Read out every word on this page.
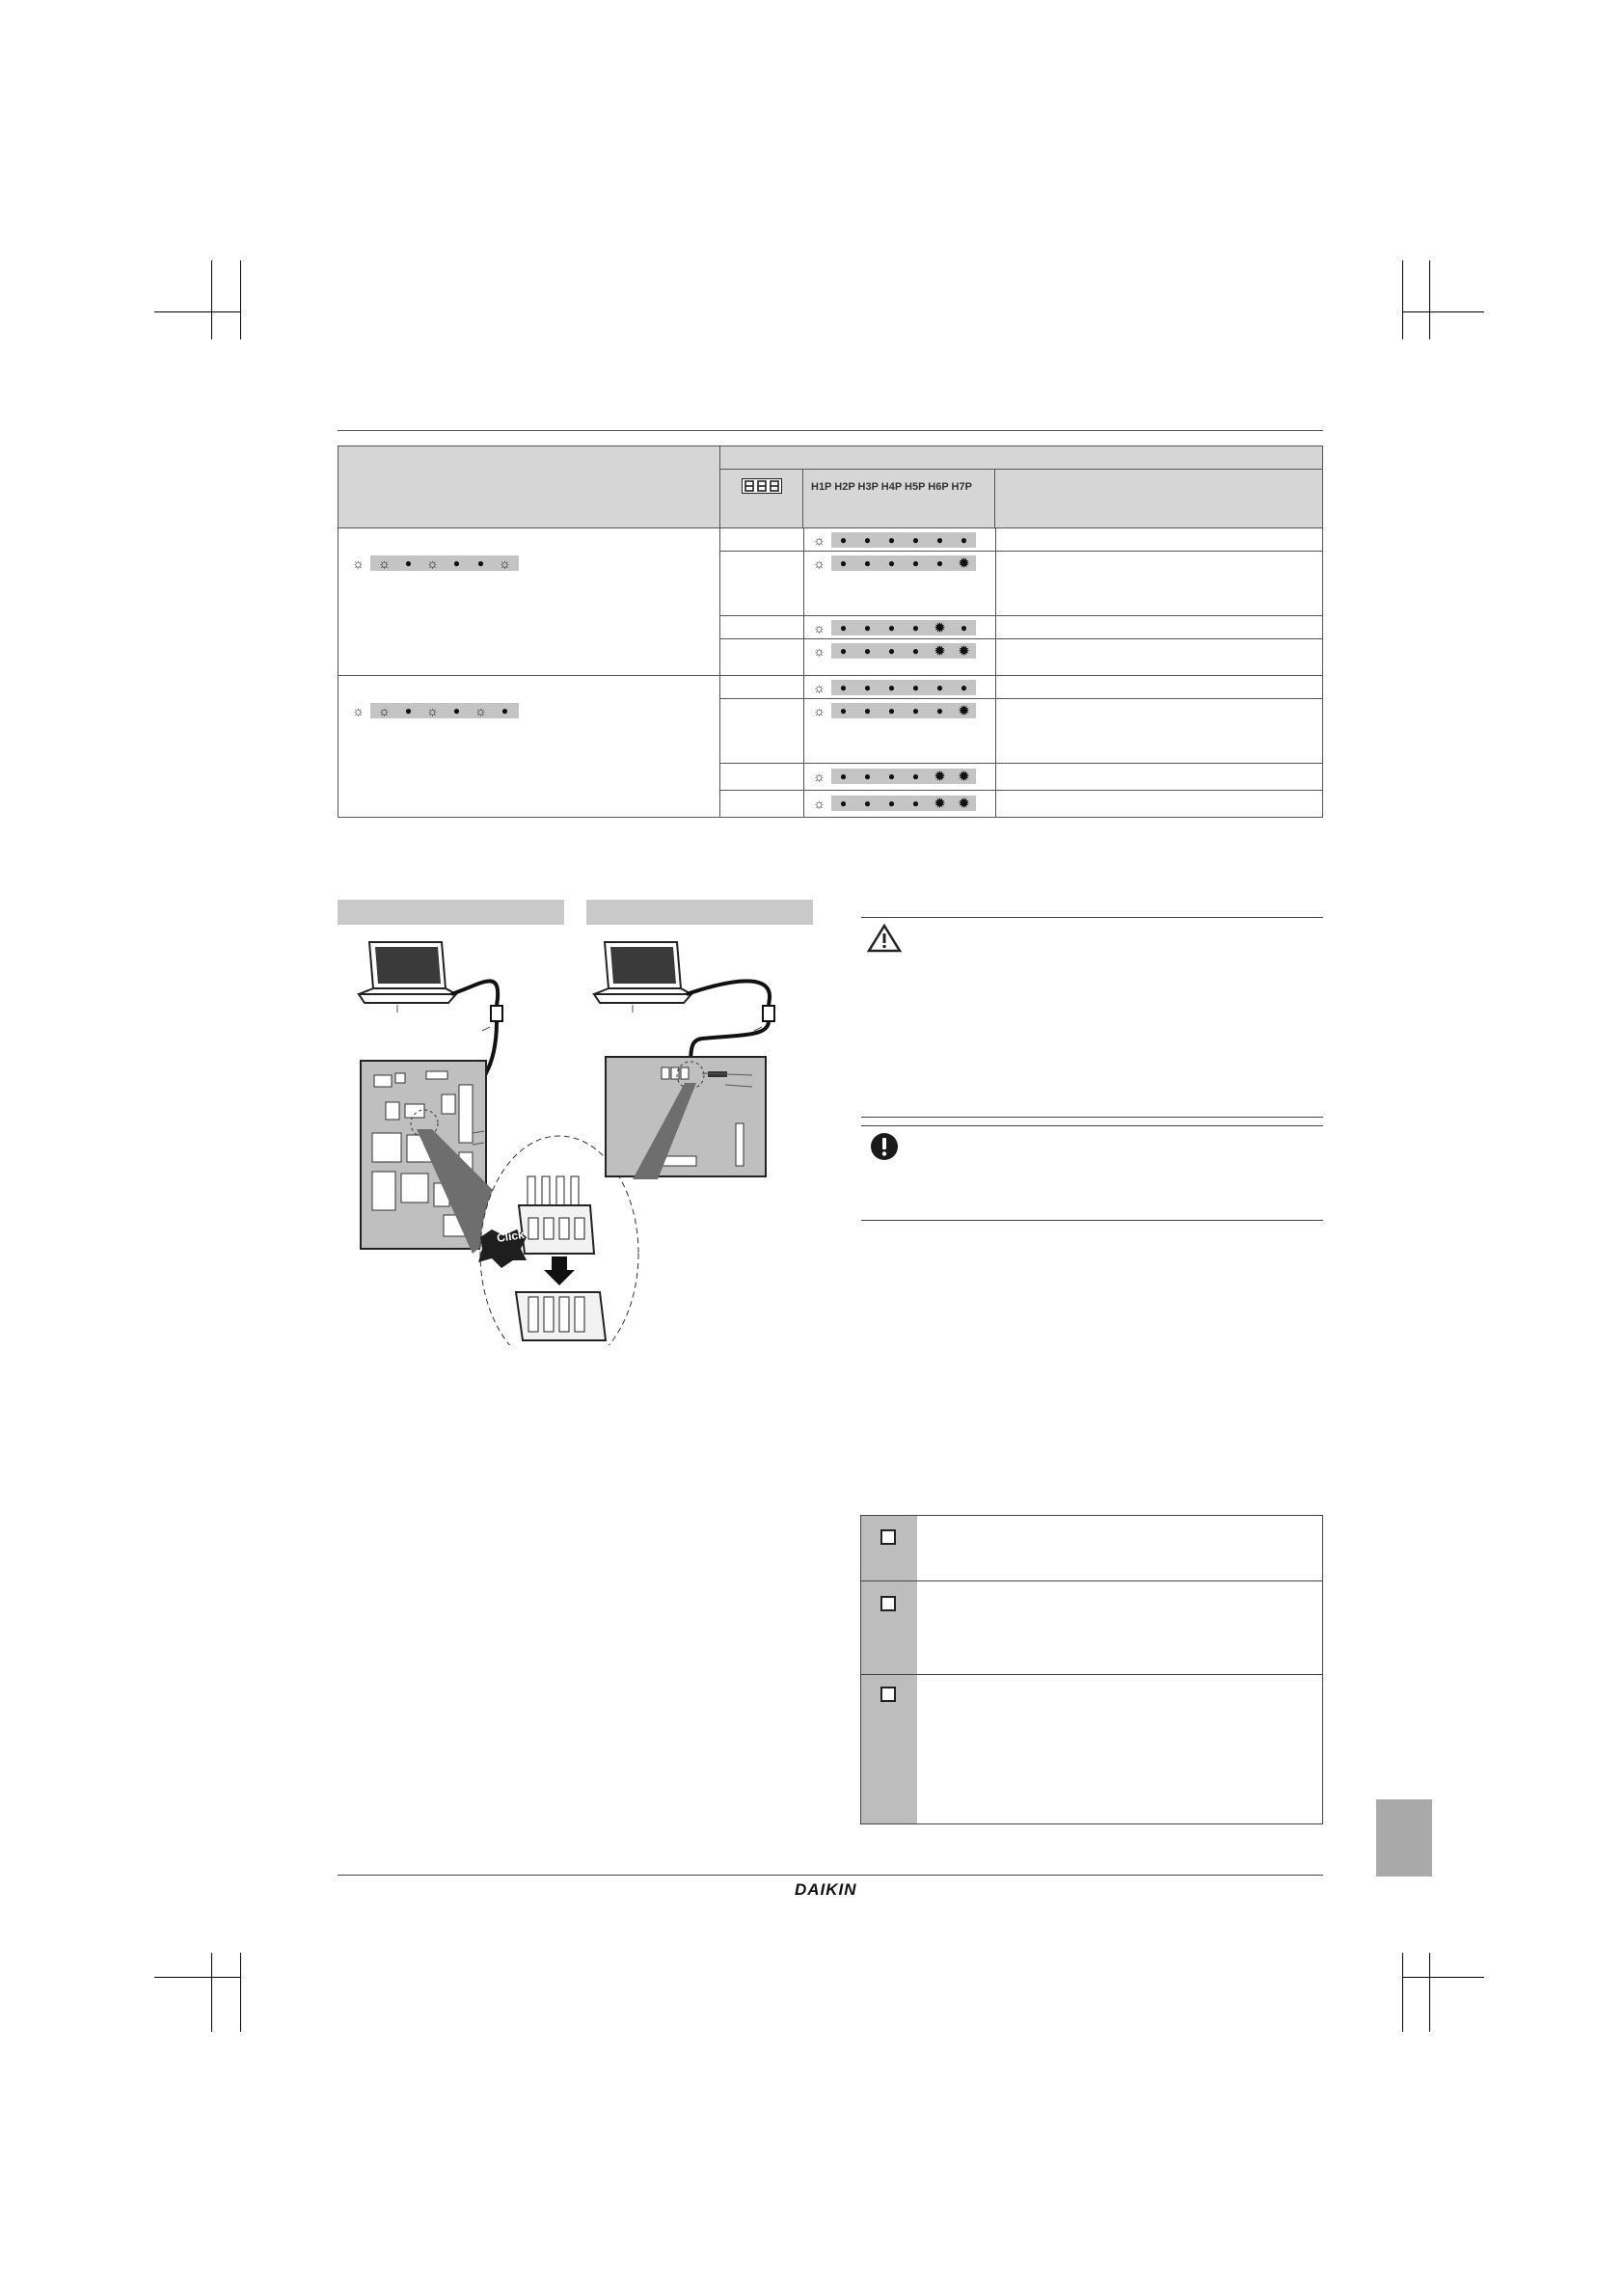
H1P H2P H3P H4P H5P H6P H7P
☼	☼	●	☼	●	●	☼
☼	☼	●	☼	●	☼	●
☼	●	●	●	●	●	●
☼	●	●	●	●	●	✹
☼	●	●	●	●	✹	●
☼	●	●	●	●	✹ ✹
☼	●	●	●	●	●	●
☼	●	●	●	●	●	✹
☼	●	●	●	●	✹ ✹
☼	●	●	●	●	✹ ✹
Click
DAIKIN
